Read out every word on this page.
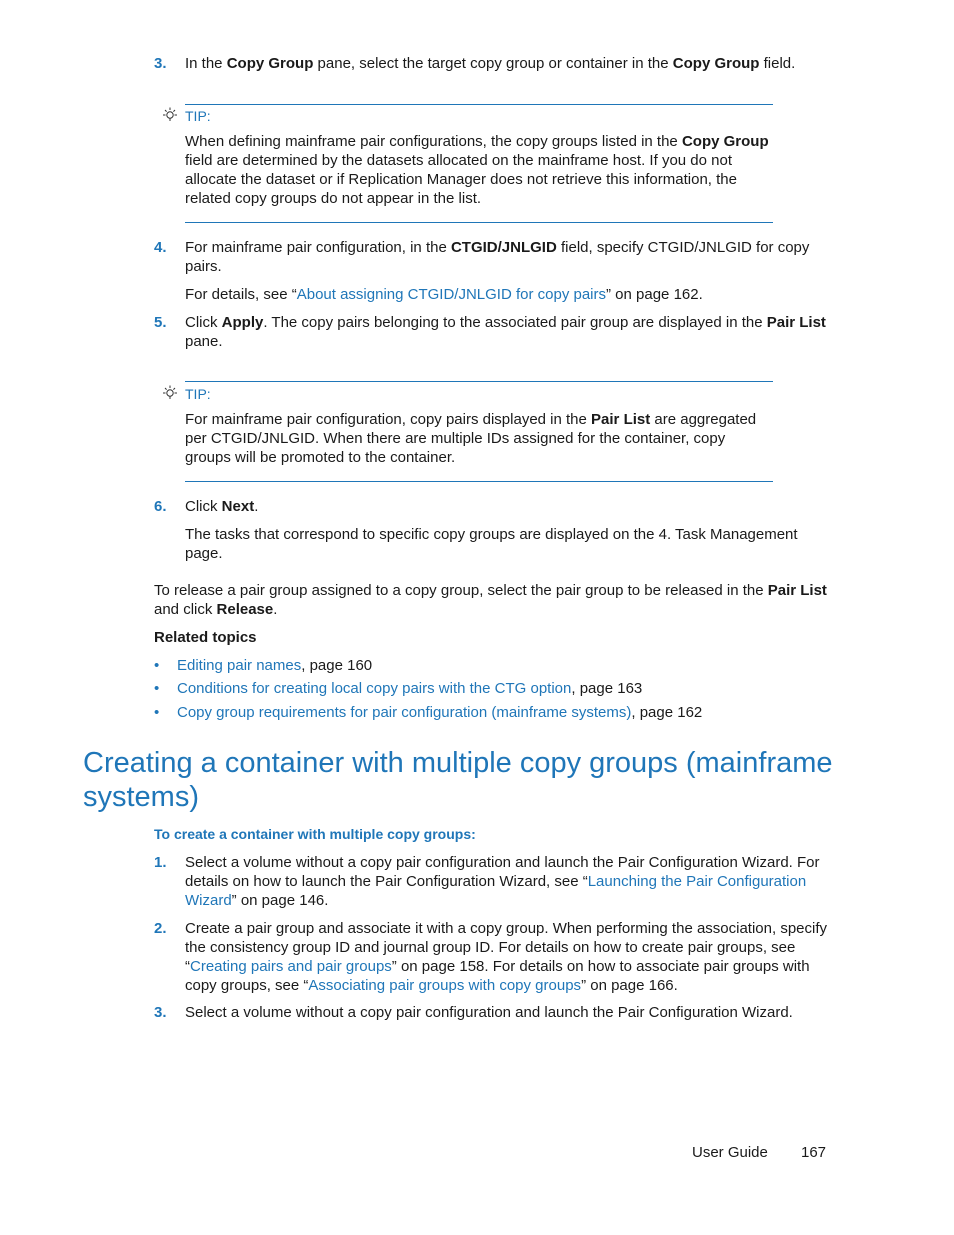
3. In the Copy Group pane, select the target copy group or container in the Copy Group field.
TIP:
When defining mainframe pair configurations, the copy groups listed in the Copy Group field are determined by the datasets allocated on the mainframe host. If you do not allocate the dataset or if Replication Manager does not retrieve this information, the related copy groups do not appear in the list.
4. For mainframe pair configuration, in the CTGID/JNLGID field, specify CTGID/JNLGID for copy pairs.
For details, see “About assigning CTGID/JNLGID for copy pairs” on page 162.
5. Click Apply. The copy pairs belonging to the associated pair group are displayed in the Pair List pane.
TIP:
For mainframe pair configuration, copy pairs displayed in the Pair List are aggregated per CTGID/JNLGID. When there are multiple IDs assigned for the container, copy groups will be promoted to the container.
6. Click Next.
The tasks that correspond to specific copy groups are displayed on the 4. Task Management page.
To release a pair group assigned to a copy group, select the pair group to be released in the Pair List and click Release.
Related topics
• Editing pair names, page 160
• Conditions for creating local copy pairs with the CTG option, page 163
• Copy group requirements for pair configuration (mainframe systems), page 162
Creating a container with multiple copy groups (mainframe systems)
To create a container with multiple copy groups:
1. Select a volume without a copy pair configuration and launch the Pair Configuration Wizard. For details on how to launch the Pair Configuration Wizard, see “Launching the Pair Configuration Wizard” on page 146.
2. Create a pair group and associate it with a copy group. When performing the association, specify the consistency group ID and journal group ID. For details on how to create pair groups, see “Creating pairs and pair groups” on page 158. For details on how to associate pair groups with copy groups, see “Associating pair groups with copy groups” on page 166.
3. Select a volume without a copy pair configuration and launch the Pair Configuration Wizard.
User Guide 167
